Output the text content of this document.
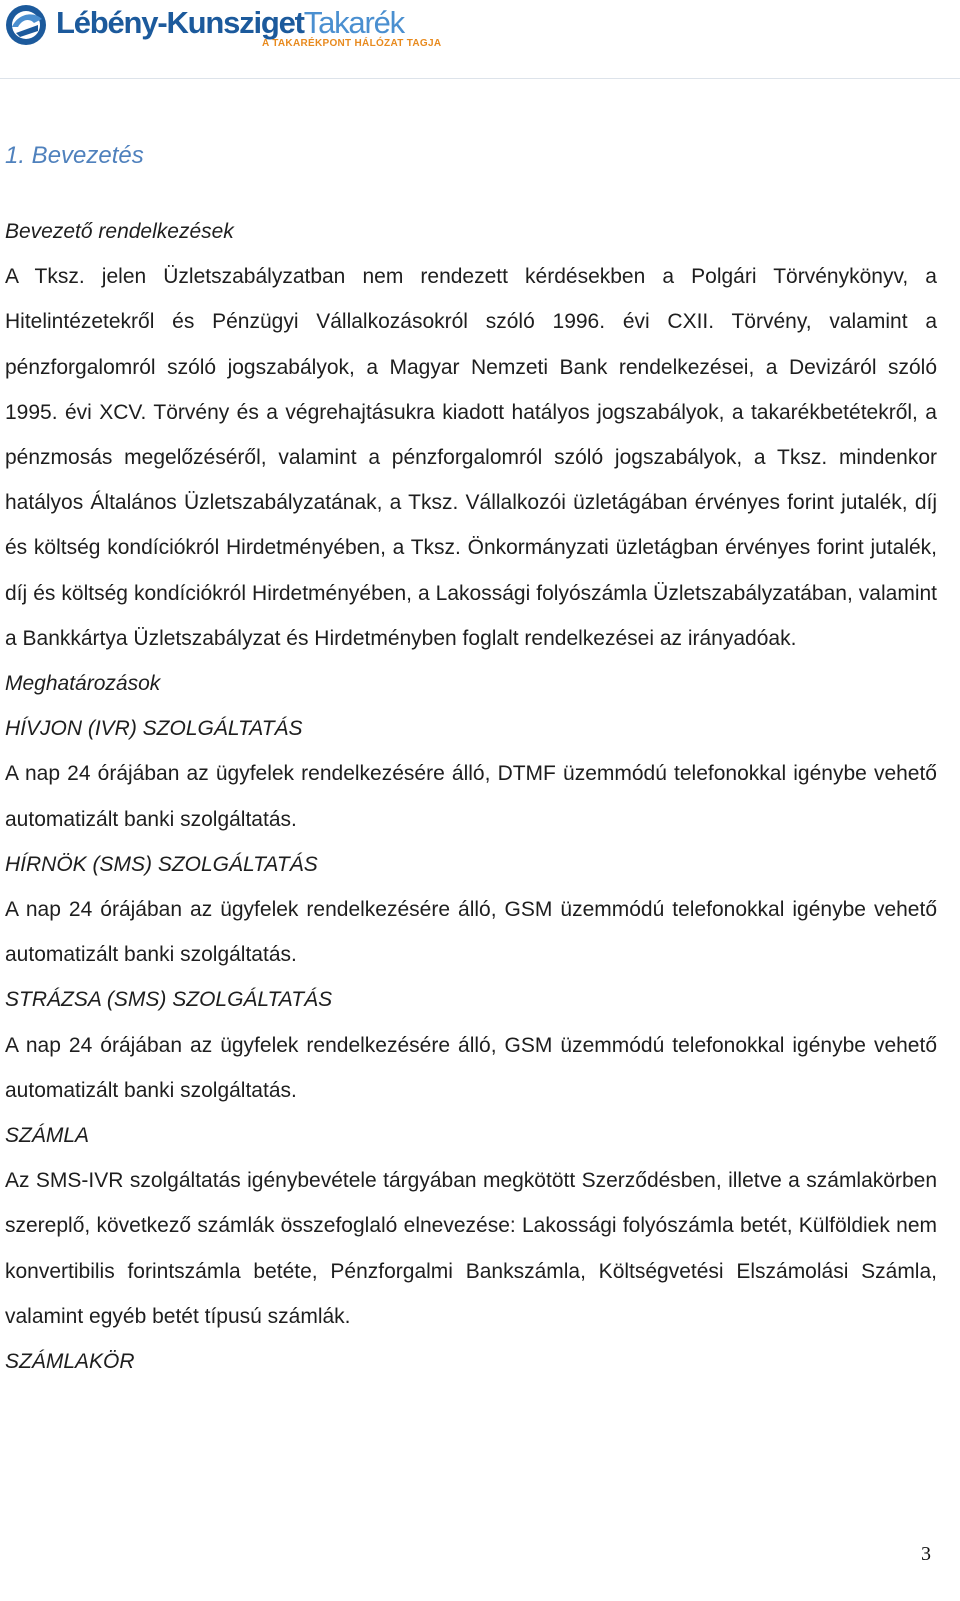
Lébény-KunszigetTakarék
A TAKARÉKPONT HÁLÓZAT TAGJA
1. Bevezetés

Bevezető rendelkezések

A Tksz. jelen Üzletszabályzatban nem rendezett kérdésekben a Polgári Törvénykönyv, a Hitelintézetekről és Pénzügyi Vállalkozásokról szóló 1996. évi CXII. Törvény, valamint a pénzforgalomról szóló jogszabályok, a Magyar Nemzeti Bank rendelkezései, a Devizáról szóló 1995. évi XCV. Törvény és a végrehajtásukra kiadott hatályos jogszabályok, a takarékbetétekről, a pénzmosás megelőzéséről, valamint a pénzforgalomról szóló jogszabályok, a Tksz. mindenkor hatályos Általános Üzletszabályzatának, a Tksz. Vállalkozói üzletágában érvényes forint jutalék, díj és költség kondíciókról Hirdetményében, a Tksz. Önkormányzati üzletágban érvényes forint jutalék, díj és költség kondíciókról Hirdetményében, a Lakossági folyószámla Üzletszabályzatában, valamint a Bankkártya Üzletszabályzat és Hirdetményben foglalt rendelkezései az irányadóak.

Meghatározások

HÍVJON (IVR) SZOLGÁLTATÁS

A nap 24 órájában az ügyfelek rendelkezésére álló, DTMF üzemmódú telefonokkal igénybe vehető automatizált banki szolgáltatás.

HÍRNÖK (SMS) SZOLGÁLTATÁS

A nap 24 órájában az ügyfelek rendelkezésére álló, GSM üzemmódú telefonokkal igénybe vehető automatizált banki szolgáltatás.

STRÁZSA (SMS) SZOLGÁLTATÁS

A nap 24 órájában az ügyfelek rendelkezésére álló, GSM üzemmódú telefonokkal igénybe vehető automatizált banki szolgáltatás.

SZÁMLA

Az SMS-IVR szolgáltatás igénybevétele tárgyában megkötött Szerződésben, illetve a számlakörben szereplő, következő számlák összefoglaló elnevezése: Lakossági folyószámla betét, Külföldiek nem konvertibilis forintszámla betéte, Pénzforgalmi Bankszámla, Költségvetési Elszámolási Számla, valamint egyéb betét típusú számlák.

SZÁMLAKÖR

3
